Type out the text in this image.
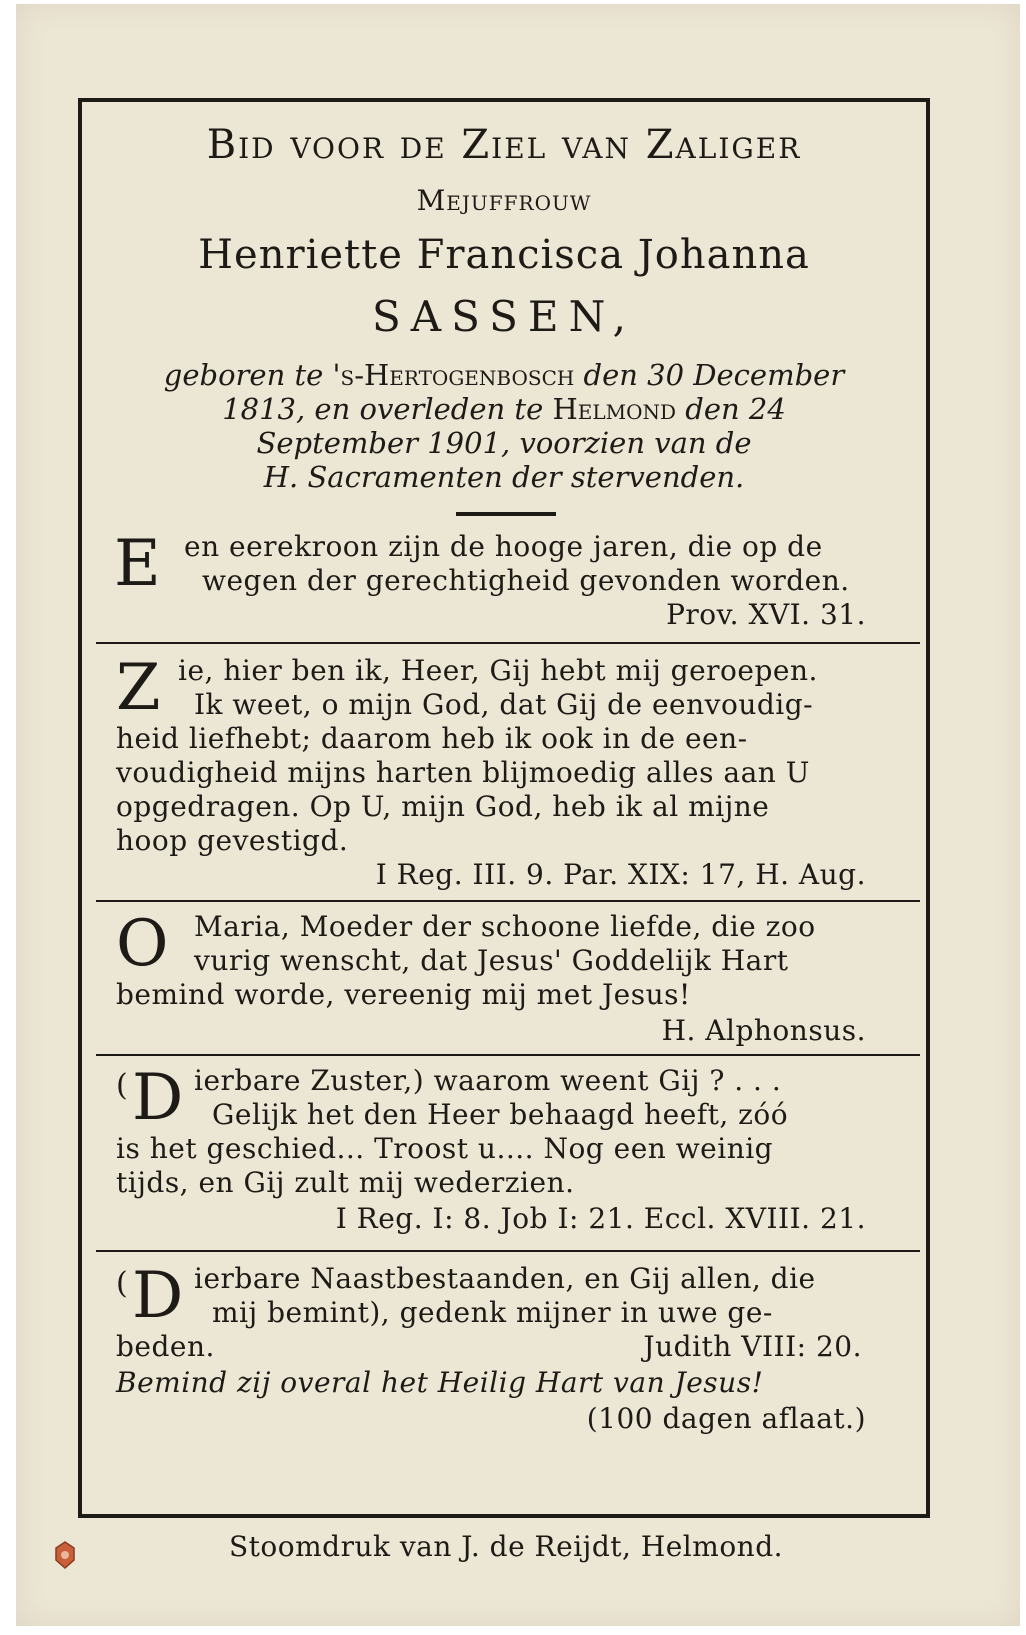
Bid voor de Ziel van Zaliger
Mejuffrouw
Henriette Francisca Johanna
SASSEN,
geboren te 's-Hertogenbosch den 30 December
1813, en overleden te Helmond den 24
September 1901, voorzien van de
H. Sacramenten der stervenden.
E en eerekroon zijn de hooge jaren, die op de
wegen der gerechtigheid gevonden worden.
Prov. XVI. 31.
Z ie, hier ben ik, Heer, Gij hebt mij geroepen.
Ik weet, o mijn God, dat Gij de eenvoudig-
heid liefhebt; daarom heb ik ook in de een-
voudigheid mijns harten blijmoedig alles aan U
opgedragen. Op U, mijn God, heb ik al mijne
hoop gevestigd.
I Reg. III. 9. Par. XIX: 17, H. Aug.
O Maria, Moeder der schoone liefde, die zoo
vurig wenscht, dat Jesus' Goddelijk Hart
bemind worde, vereenig mij met Jesus!
H. Alphonsus.
( D ierbare Zuster,) waarom weent Gij ? . . .
Gelijk het den Heer behaagd heeft, zóó
is het geschied... Troost u.... Nog een weinig
tijds, en Gij zult mij wederzien.
I Reg. I: 8. Job I: 21. Eccl. XVIII. 21.
( D ierbare Naastbestaanden, en Gij allen, die
mij bemint), gedenk mijner in uwe ge-
beden.	Judith VIII: 20.
Bemind zij overal het Heilig Hart van Jesus!
(100 dagen aflaat.)
Stoomdruk van J. de Reijdt, Helmond.
